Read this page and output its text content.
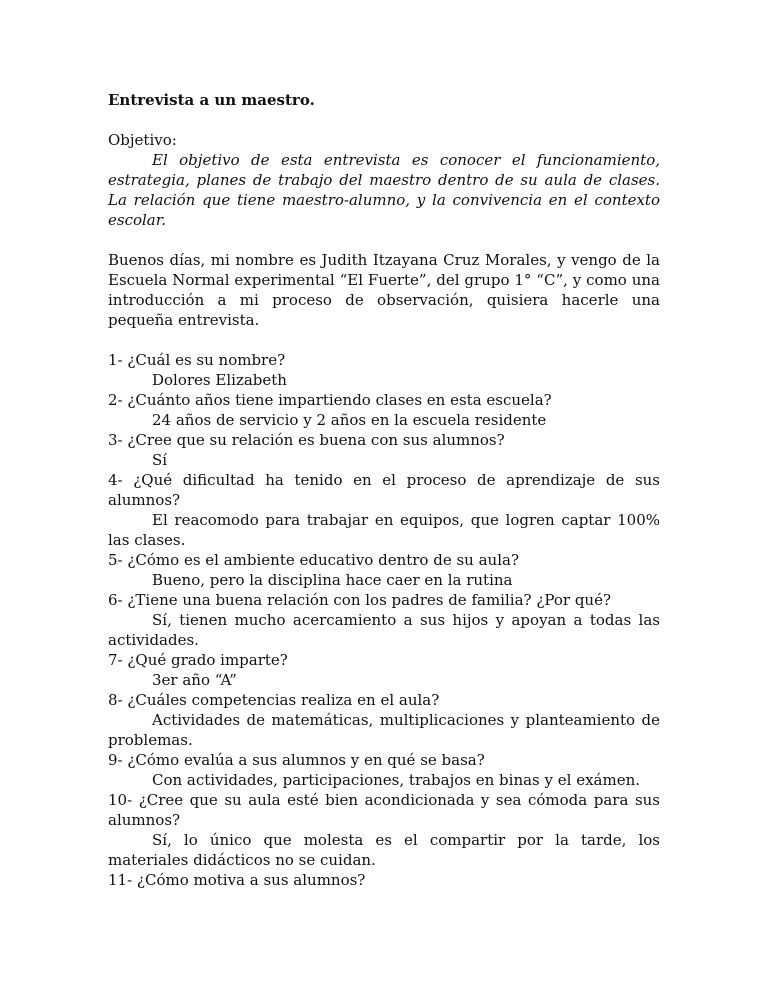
Entrevista a un maestro.

Objetivo:

El objetivo de esta entrevista es conocer el funcionamiento, estrategia, planes de trabajo del maestro dentro de su aula de clases. La relación que tiene maestro-alumno, y la convivencia en el contexto escolar.

Buenos días, mi nombre es Judith Itzayana Cruz Morales, y vengo de la Escuela Normal experimental “El Fuerte”, del grupo 1° “C”, y como una introducción a mi proceso de observación, quisiera hacerle una pequeña entrevista.

1- ¿Cuál es su nombre?

Dolores Elizabeth

2- ¿Cuánto años tiene impartiendo clases en esta escuela?

24 años de servicio y 2 años en la escuela residente

3- ¿Cree que su relación es buena con sus alumnos?

Sí

4- ¿Qué dificultad ha tenido en el proceso de aprendizaje de sus alumnos?

El reacomodo para trabajar en equipos, que logren captar 100% las clases.

5- ¿Cómo es el ambiente educativo dentro de su aula?

Bueno, pero la disciplina hace caer en la rutina

6- ¿Tiene una buena relación con los padres de familia? ¿Por qué?

Sí, tienen mucho acercamiento a sus hijos y apoyan a todas las actividades.

7- ¿Qué grado imparte?

3er año “A”

8- ¿Cuáles competencias realiza en el aula?

Actividades de matemáticas, multiplicaciones y planteamiento de problemas.

9- ¿Cómo evalúa a sus alumnos y en qué se basa?

Con actividades, participaciones, trabajos en binas y el exámen.

10- ¿Cree que su aula esté bien acondicionada y sea cómoda para sus alumnos?

Sí, lo único que molesta es el compartir por la tarde, los materiales didácticos no se cuidan.

11- ¿Cómo motiva a sus alumnos?
